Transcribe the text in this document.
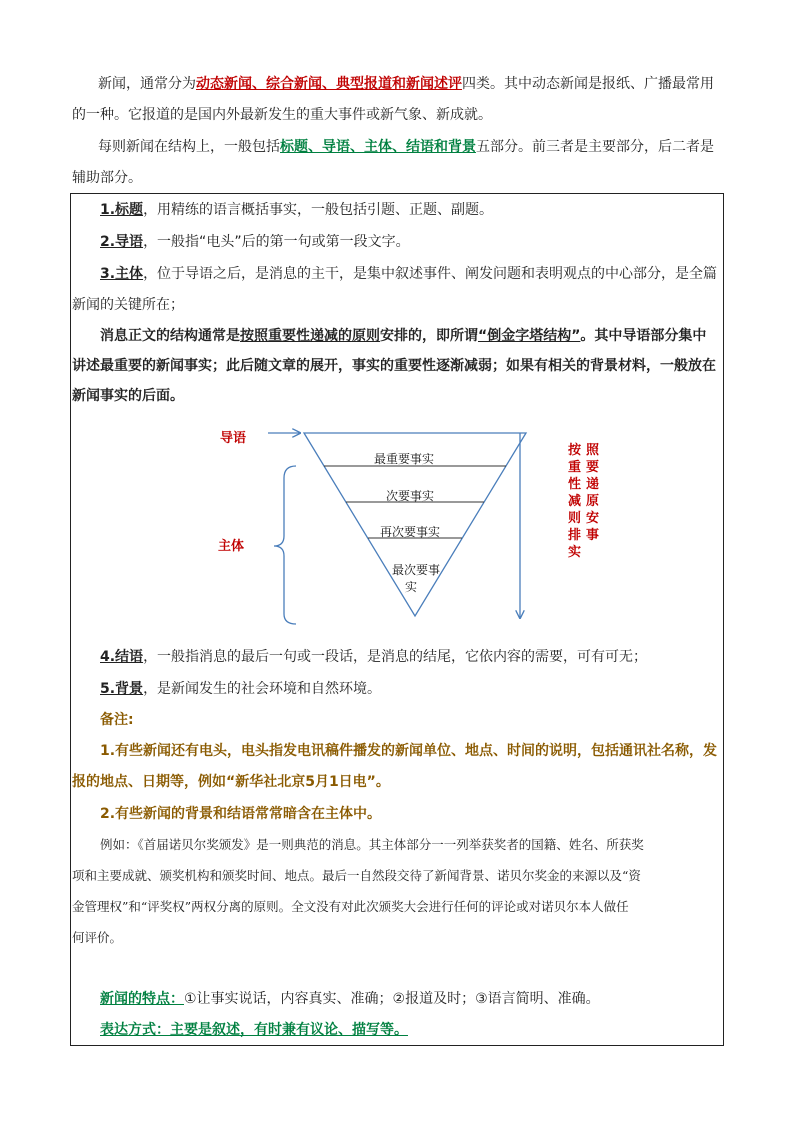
新闻，通常分为动态新闻、综合新闻、典型报道和新闻述评四类。其中动态新闻是报纸、广播最常用
的一种。它报道的是国内外最新发生的重大事件或新气象、新成就。
每则新闻在结构上，一般包括标题、导语、主体、结语和背景五部分。前三者是主要部分，后二者是
辅助部分。
1.标题，用精练的语言概括事实，一般包括引题、正题、副题。
2.导语，一般指“电头”后的第一句或第一段文字。
3.主体，位于导语之后，是消息的主干，是集中叙述事件、阐发问题和表明观点的中心部分，是全篇
新闻的关键所在；
消息正文的结构通常是按照重要性递减的原则安排的，即所谓“倒金字塔结构”。其中导语部分集中
讲述最重要的新闻事实；此后随文章的展开，事实的重要性逐渐减弱；如果有相关的背景材料，一般放在
新闻事实的后面。
导语
主体
最重要事实
次要事实
再次要事实
最次要事
实
按
重
性
减
则
排
实
照
要
递
原
安
事
4.结语，一般指消息的最后一句或一段话，是消息的结尾，它依内容的需要，可有可无；
5.背景，是新闻发生的社会环境和自然环境。
备注:
1.有些新闻还有电头，电头指发电讯稿件播发的新闻单位、地点、时间的说明，包括通讯社名称，发
报的地点、日期等，例如“新华社北京5月1日电”。
2.有些新闻的背景和结语常常暗含在主体中。
例如：《首届诺贝尔奖颁发》是一则典范的消息。其主体部分一一列举获奖者的国籍、姓名、所获奖
项和主要成就、颁奖机构和颁奖时间、地点。最后一自然段交待了新闻背景、诺贝尔奖金的来源以及“资
金管理权”和“评奖权”两权分离的原则。全文没有对此次颁奖大会进行任何的评论或对诺贝尔本人做任
何评价。
新闻的特点：①让事实说话，内容真实、准确；②报道及时；③语言简明、准确。
表达方式：主要是叙述，有时兼有议论、描写等。
